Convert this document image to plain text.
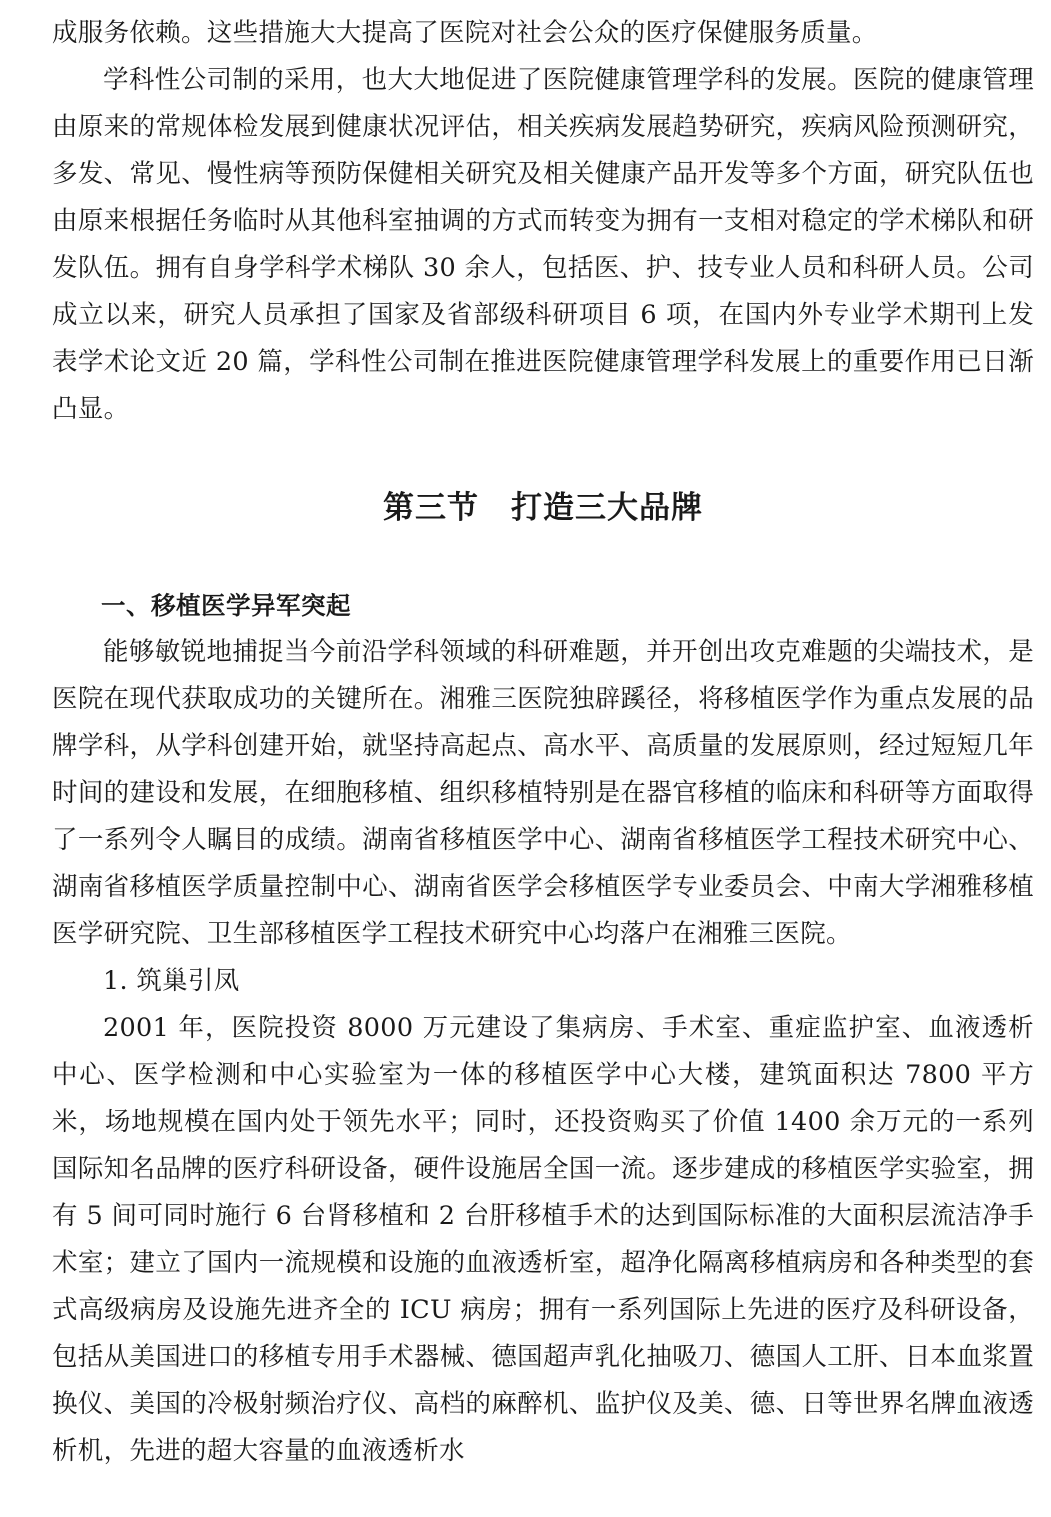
成服务依赖。这些措施大大提高了医院对社会公众的医疗保健服务质量。

学科性公司制的采用，也大大地促进了医院健康管理学科的发展。医院的健康管理由原来的常规体检发展到健康状况评估，相关疾病发展趋势研究，疾病风险预测研究，多发、常见、慢性病等预防保健相关研究及相关健康产品开发等多个方面，研究队伍也由原来根据任务临时从其他科室抽调的方式而转变为拥有一支相对稳定的学术梯队和研发队伍。拥有自身学科学术梯队 30 余人，包括医、护、技专业人员和科研人员。公司成立以来，研究人员承担了国家及省部级科研项目 6 项，在国内外专业学术期刊上发表学术论文近 20 篇，学科性公司制在推进医院健康管理学科发展上的重要作用已日渐凸显。

第三节　打造三大品牌
一、移植医学异军突起

能够敏锐地捕捉当今前沿学科领域的科研难题，并开创出攻克难题的尖端技术，是医院在现代获取成功的关键所在。湘雅三医院独辟蹊径，将移植医学作为重点发展的品牌学科，从学科创建开始，就坚持高起点、高水平、高质量的发展原则，经过短短几年时间的建设和发展，在细胞移植、组织移植特别是在器官移植的临床和科研等方面取得了一系列令人瞩目的成绩。湖南省移植医学中心、湖南省移植医学工程技术研究中心、湖南省移植医学质量控制中心、湖南省医学会移植医学专业委员会、中南大学湘雅移植医学研究院、卫生部移植医学工程技术研究中心均落户在湘雅三医院。

1. 筑巢引凤

2001 年，医院投资 8000 万元建设了集病房、手术室、重症监护室、血液透析中心、医学检测和中心实验室为一体的移植医学中心大楼，建筑面积达 7800 平方米，场地规模在国内处于领先水平；同时，还投资购买了价值 1400 余万元的一系列国际知名品牌的医疗科研设备，硬件设施居全国一流。逐步建成的移植医学实验室，拥有 5 间可同时施行 6 台肾移植和 2 台肝移植手术的达到国际标准的大面积层流洁净手术室；建立了国内一流规模和设施的血液透析室，超净化隔离移植病房和各种类型的套式高级病房及设施先进齐全的 ICU 病房；拥有一系列国际上先进的医疗及科研设备，包括从美国进口的移植专用手术器械、德国超声乳化抽吸刀、德国人工肝、日本血浆置换仪、美国的冷极射频治疗仪、高档的麻醉机、监护仪及美、德、日等世界名牌血液透析机，先进的超大容量的血液透析水
